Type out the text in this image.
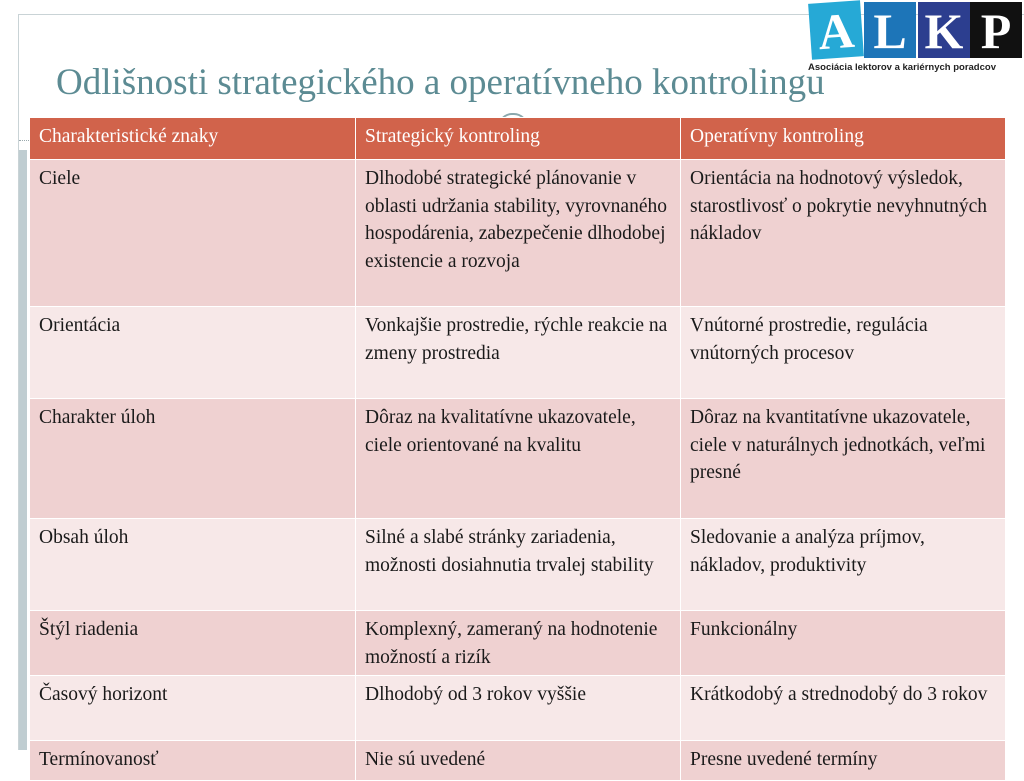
Odlišnosti strategického a operatívneho kontrolingu
A L K P
Asociácia lektorov a kariérnych poradcov
Charakteristické znaky	Strategický kontroling	Operatívny kontroling
Ciele	Dlhodobé strategické plánovanie v oblasti udržania stability, vyrovnaného hospodárenia, zabezpečenie dlhodobej existencie a rozvoja	Orientácia na hodnotový výsledok, starostlivosť o pokrytie nevyhnutných nákladov
Orientácia	Vonkajšie prostredie, rýchle reakcie na zmeny prostredia	Vnútorné prostredie, regulácia vnútorných procesov
Charakter úloh	Dôraz na kvalitatívne ukazovatele, ciele orientované na kvalitu	Dôraz na kvantitatívne ukazovatele, ciele v naturálnych jednotkách, veľmi presné
Obsah úloh	Silné a slabé stránky zariadenia, možnosti dosiahnutia trvalej stability	Sledovanie a analýza príjmov, nákladov, produktivity
Štýl riadenia	Komplexný, zameraný na hodnotenie možností a rizík	Funkcionálny
Časový horizont	Dlhodobý od 3 rokov vyššie	Krátkodobý a strednodobý do 3 rokov
Termínovanosť	Nie sú uvedené	Presne uvedené termíny
